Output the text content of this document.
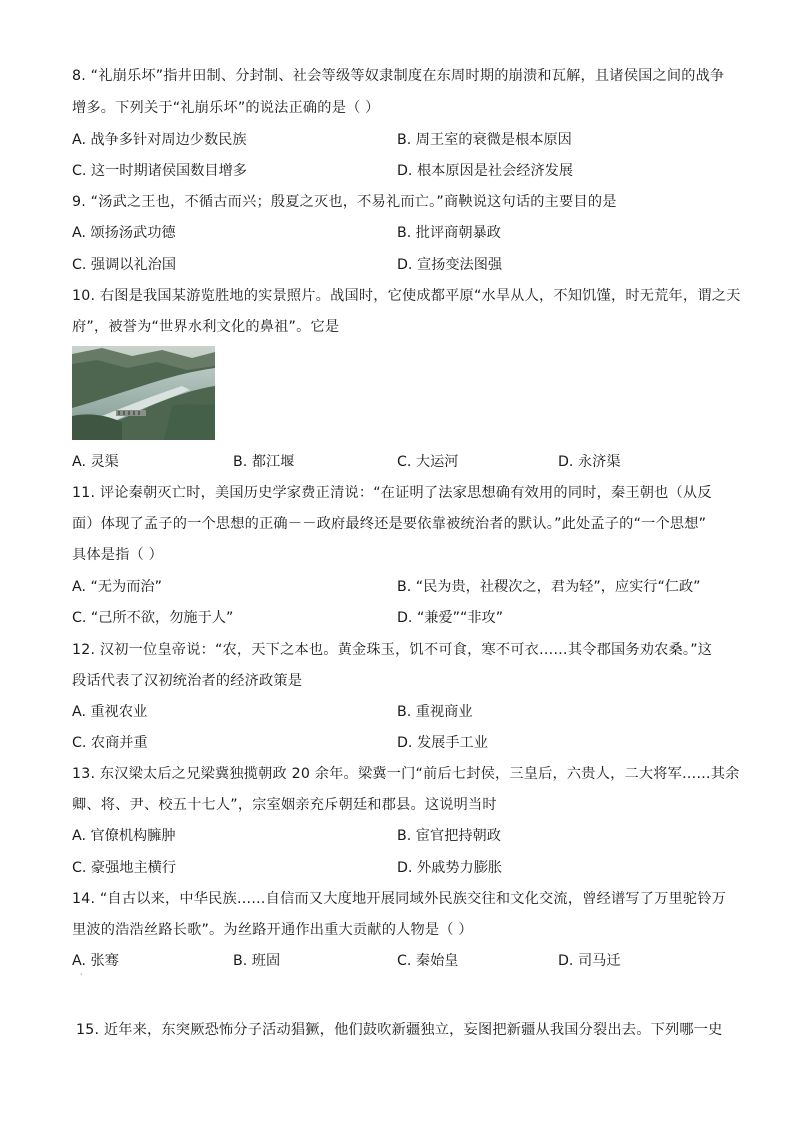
8. “礼崩乐坏”指井田制、分封制、社会等级等奴隶制度在东周时期的崩溃和瓦解，且诸侯国之间的战争
增多。下列关于“礼崩乐坏”的说法正确的是（ ）
A. 战争多针对周边少数民族	B. 周王室的衰微是根本原因
C. 这一时期诸侯国数目增多	D. 根本原因是社会经济发展
9. “汤武之王也，不循古而兴；殷夏之灭也，不易礼而亡。”商鞅说这句话的主要目的是
A. 颂扬汤武功德	B. 批评商朝暴政
C. 强调以礼治国	D. 宣扬变法图强
10. 右图是我国某游览胜地的实景照片。战国时，它使成都平原“水旱从人，不知饥馑，时无荒年，谓之天
府”，被誉为“世界水利文化的鼻祖”。它是
A. 灵渠	B. 都江堰	C. 大运河	D. 永济渠
11. 评论秦朝灭亡时，美国历史学家费正清说：“在证明了法家思想确有效用的同时，秦王朝也（从反
面）体现了孟子的一个思想的正确－－政府最终还是要依靠被统治者的默认。”此处孟子的“一个思想”
具体是指（ ）
A. “无为而治”	B. “民为贵，社稷次之，君为轻”，应实行“仁政”
C. “己所不欲，勿施于人”	D. “兼爱”“非攻”
12. 汉初一位皇帝说：“农，天下之本也。黄金珠玉，饥不可食，寒不可衣……其令郡国务劝农桑。”这
段话代表了汉初统治者的经济政策是
A. 重视农业	B. 重视商业
C. 农商并重	D. 发展手工业
13. 东汉梁太后之兄梁冀独揽朝政 20 余年。梁冀一门“前后七封侯，三皇后，六贵人，二大将军……其余
卿、将、尹、校五十七人”，宗室姻亲充斥朝廷和郡县。这说明当时
A. 官僚机构臃肿	B. 宦官把持朝政
C. 豪强地主横行	D. 外戚势力膨胀
14. “自古以来，中华民族……自信而又大度地开展同域外民族交往和文化交流，曾经谱写了万里驼铃万
里波的浩浩丝路长歌”。为丝路开通作出重大贡献的人物是（ ）
A. 张骞	B. 班固	C. 秦始皇	D. 司马迁
·
15. 近年来，东突厥恐怖分子活动猖獗，他们鼓吹新疆独立，妄图把新疆从我国分裂出去。下列哪一史
